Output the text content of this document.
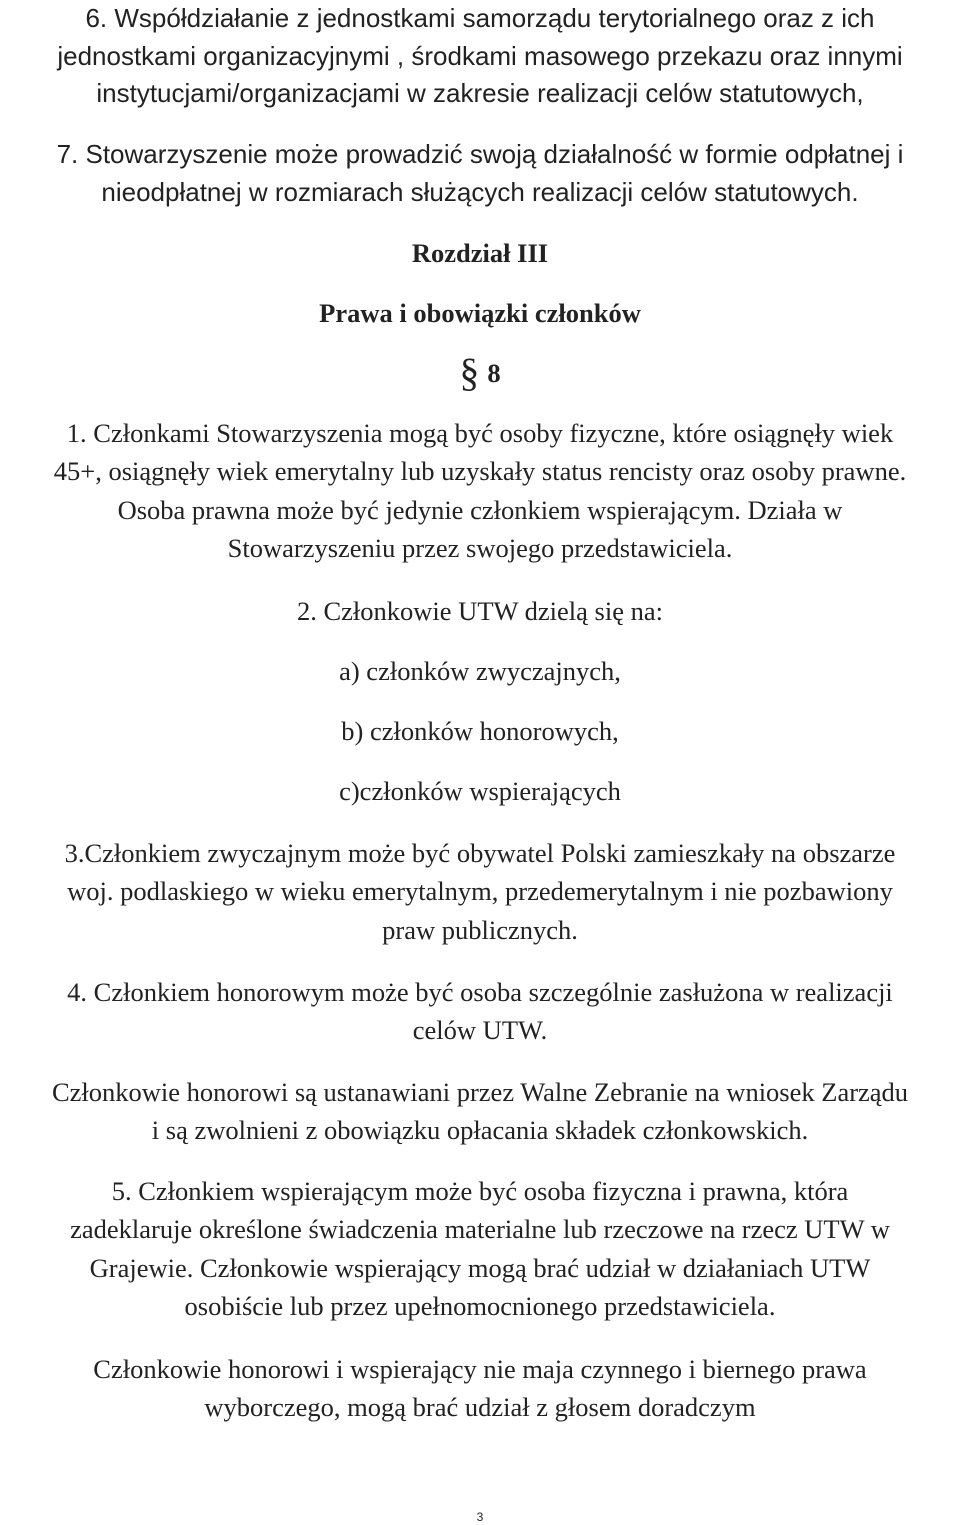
6. Współdziałanie z jednostkami samorządu terytorialnego oraz z ich

jednostkami organizacyjnymi , środkami masowego przekazu oraz innymi

instytucjami/organizacjami w zakresie realizacji celów statutowych,

7. Stowarzyszenie może prowadzić swoją działalność w formie odpłatnej i

nieodpłatnej w rozmiarach służących realizacji celów statutowych.

Rozdział III
Prawa i obowiązki członków
§ 8

1. Członkami Stowarzyszenia mogą być osoby fizyczne, które osiągnęły wiek

45+, osiągnęły wiek emerytalny lub uzyskały status rencisty oraz osoby prawne.

Osoba prawna może być jedynie członkiem wspierającym. Działa w

Stowarzyszeniu przez swojego przedstawiciela.

2. Członkowie UTW dzielą się na:
a) członków zwyczajnych,
b) członków honorowych,
c)członków wspierających

3.Członkiem zwyczajnym może być obywatel Polski zamieszkały na obszarze

woj. podlaskiego w wieku emerytalnym, przedemerytalnym i nie pozbawiony

praw publicznych.

4. Członkiem honorowym może być osoba szczególnie zasłużona w realizacji

celów UTW.

Członkowie honorowi są ustanawiani przez Walne Zebranie na wniosek Zarządu

i są zwolnieni z obowiązku opłacania składek członkowskich.

5. Członkiem wspierającym może być osoba fizyczna i prawna, która

zadeklaruje określone świadczenia materialne lub rzeczowe na rzecz UTW w

Grajewie. Członkowie wspierający mogą brać udział w działaniach UTW

osobiście lub przez upełnomocnionego przedstawiciela.

Członkowie honorowi i wspierający nie maja czynnego i biernego prawa

wyborczego, mogą brać udział z głosem doradczym

3
